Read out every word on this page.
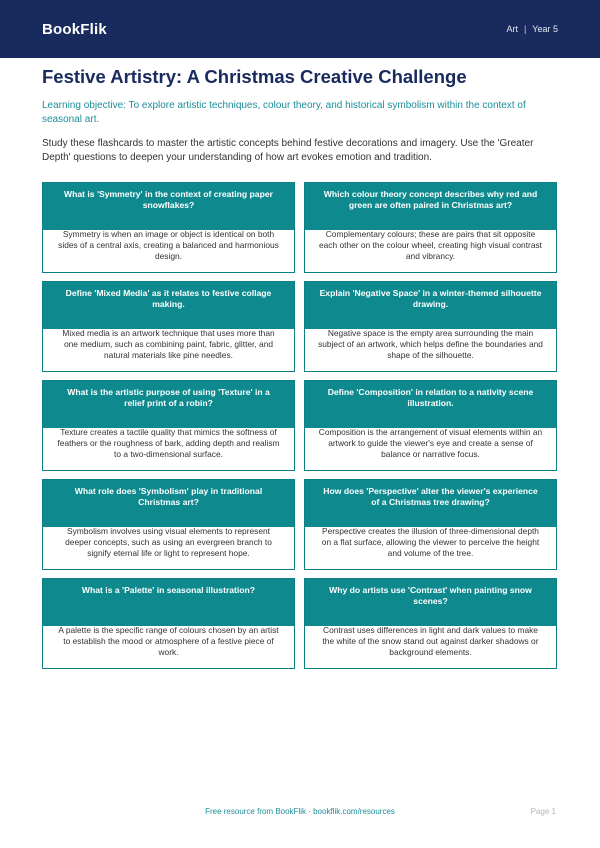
BookFlik	Art | Year 5
Festive Artistry: A Christmas Creative Challenge

Learning objective: To explore artistic techniques, colour theory, and historical symbolism within the context of seasonal art.

Study these flashcards to master the artistic concepts behind festive decorations and imagery. Use the 'Greater Depth' questions to deepen your understanding of how art evokes emotion and tradition.

What is 'Symmetry' in the context of creating paper snowflakes?
Symmetry is when an image or object is identical on both sides of a central axis, creating a balanced and harmonious design.
Which colour theory concept describes why red and green are often paired in Christmas art?
Complementary colours; these are pairs that sit opposite each other on the colour wheel, creating high visual contrast and vibrancy.
Define 'Mixed Media' as it relates to festive collage making.
Mixed media is an artwork technique that uses more than one medium, such as combining paint, fabric, glitter, and natural materials like pine needles.
Explain 'Negative Space' in a winter-themed silhouette drawing.
Negative space is the empty area surrounding the main subject of an artwork, which helps define the boundaries and shape of the silhouette.
What is the artistic purpose of using 'Texture' in a relief print of a robin?
Texture creates a tactile quality that mimics the softness of feathers or the roughness of bark, adding depth and realism to a two-dimensional surface.
Define 'Composition' in relation to a nativity scene illustration.
Composition is the arrangement of visual elements within an artwork to guide the viewer's eye and create a sense of balance or narrative focus.
What role does 'Symbolism' play in traditional Christmas art?
Symbolism involves using visual elements to represent deeper concepts, such as using an evergreen branch to signify eternal life or light to represent hope.
How does 'Perspective' alter the viewer's experience of a Christmas tree drawing?
Perspective creates the illusion of three-dimensional depth on a flat surface, allowing the viewer to perceive the height and volume of the tree.
What is a 'Palette' in seasonal illustration?
A palette is the specific range of colours chosen by an artist to establish the mood or atmosphere of a festive piece of work.
Why do artists use 'Contrast' when painting snow scenes?
Contrast uses differences in light and dark values to make the white of the snow stand out against darker shadows or background elements.
Free resource from BookFlik · bookflik.com/resources	Page 1
